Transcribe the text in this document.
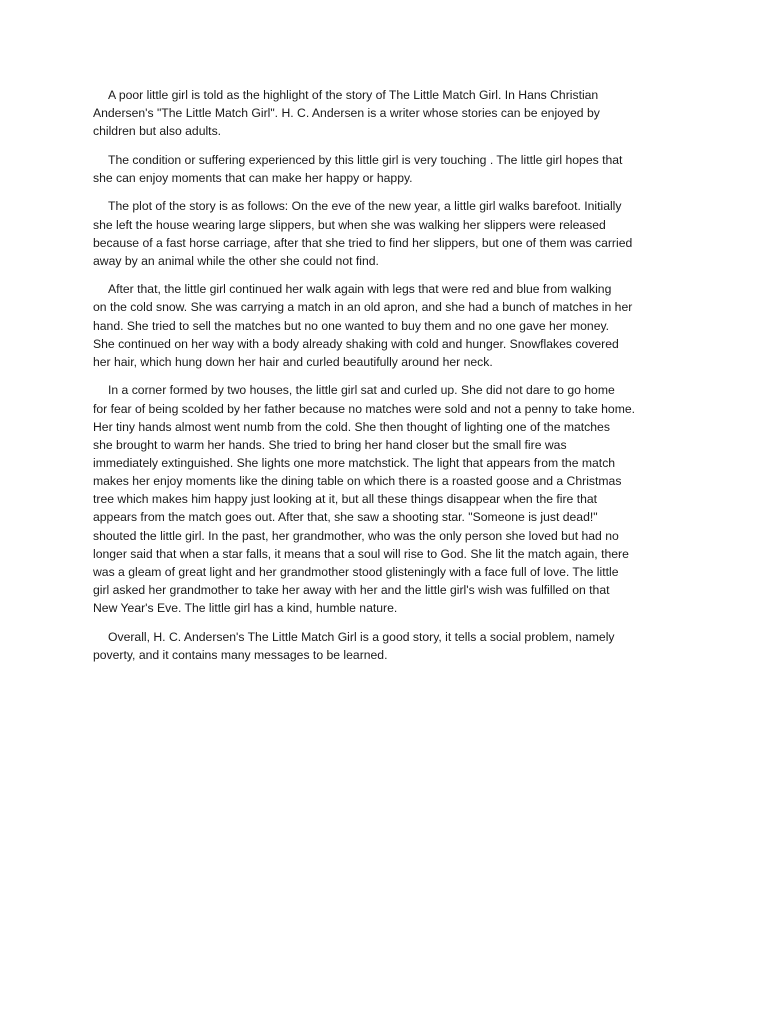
A poor little girl is told as the highlight of the story of The Little Match Girl. In Hans Christian
Andersen's "The Little Match Girl". H. C. Andersen is a writer whose stories can be enjoyed by
children but also adults.

The condition or suffering experienced by this little girl is very touching . The little girl hopes that
she can enjoy moments that can make her happy or happy.

The plot of the story is as follows: On the eve of the new year, a little girl walks barefoot. Initially
she left the house wearing large slippers, but when she was walking her slippers were released
because of a fast horse carriage, after that she tried to find her slippers, but one of them was carried
away by an animal while the other she could not find.

After that, the little girl continued her walk again with legs that were red and blue from walking
on the cold snow. She was carrying a match in an old apron, and she had a bunch of matches in her
hand. She tried to sell the matches but no one wanted to buy them and no one gave her money.
She continued on her way with a body already shaking with cold and hunger. Snowflakes covered
her hair, which hung down her hair and curled beautifully around her neck.

In a corner formed by two houses, the little girl sat and curled up. She did not dare to go home
for fear of being scolded by her father because no matches were sold and not a penny to take home.
Her tiny hands almost went numb from the cold. She then thought of lighting one of the matches
she brought to warm her hands. She tried to bring her hand closer but the small fire was
immediately extinguished. She lights one more matchstick. The light that appears from the match
makes her enjoy moments like the dining table on which there is a roasted goose and a Christmas
tree which makes him happy just looking at it, but all these things disappear when the fire that
appears from the match goes out. After that, she saw a shooting star. "Someone is just dead!"
shouted the little girl. In the past, her grandmother, who was the only person she loved but had no
longer said that when a star falls, it means that a soul will rise to God. She lit the match again, there
was a gleam of great light and her grandmother stood glisteningly with a face full of love. The little
girl asked her grandmother to take her away with her and the little girl's wish was fulfilled on that
New Year's Eve. The little girl has a kind, humble nature.

Overall, H. C. Andersen's The Little Match Girl is a good story, it tells a social problem, namely
poverty, and it contains many messages to be learned.
